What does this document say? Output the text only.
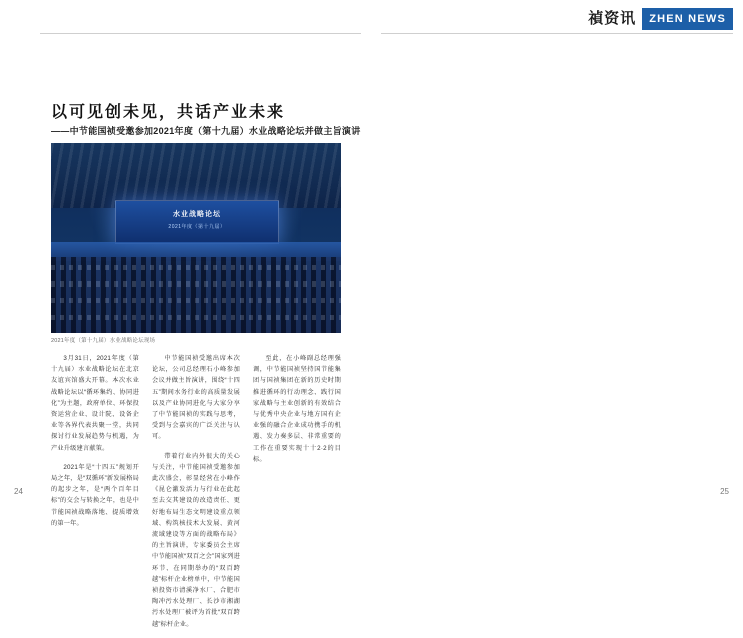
以可见创未见，共话产业未来
——中节能国祯受邀参加2021年度（第十九届）水业战略论坛并做主旨演讲
水业战略论坛
2021年度（第十九届）
2021年度（第十九届）水业战略论坛现场

3月31日，2021年度（第十九届）水业战略论坛在北京友谊宾馆盛大开幕。本次水业战略论坛以“循环集约、协同进化”为主题，政府单位、环保投资运营企业、设计院、设备企业等各界代表共聚一堂，共同探讨行业发展趋势与机遇，为产业升级建言献策。

2021年是“十四五”规划开局之年，是“双循环”新发展格局的起步之年，是“两个百年目标”的交会与转换之年，也是中节能国祯战略落地、提质增效的第一年。

中节能国祯受邀出席本次论坛，公司总经理石小峰参加会议并做主旨演讲，围绕“十四五”期间水务行业的高质量发展以及产业协同进化与大家分享了中节能国祯的实践与思考，受到与会嘉宾的广泛关注与认可。

带着行业内外很大的关心与关注，中节能国祯受邀参加此次盛会，彰显经营在小峰作《昆仑激发活力与行业在此起至去交其建设的改造责任、更好地布局生态文明建设重点领域、构筑核技术大发展、黄河流域建设等方面的战略布局》的主旨演讲，专家委员会主席中节能国祯“双百之会”国家列进环节、在同期举办的“双百跨越”标杆企业榜单中，中节能国祯投资市清溪净水厂、合肥市陶冲污水处理厂、长沙市湘湖污水处理厂被评为首批“双百跨越”标杆企业。

至此，在小峰副总经理强调，中节能国祯坚持国节能集团与国祯集团在新的历史时期推进循环的行动理念、践行国家战略与主业创新的有效结合与优秀中央企业与地方国有企业强的融合企业成功携手的机遇、发力奏多层、非常重要的工作在重要实现十十2·2的目标。

24
禎资讯	ZHEN NEWS

25
